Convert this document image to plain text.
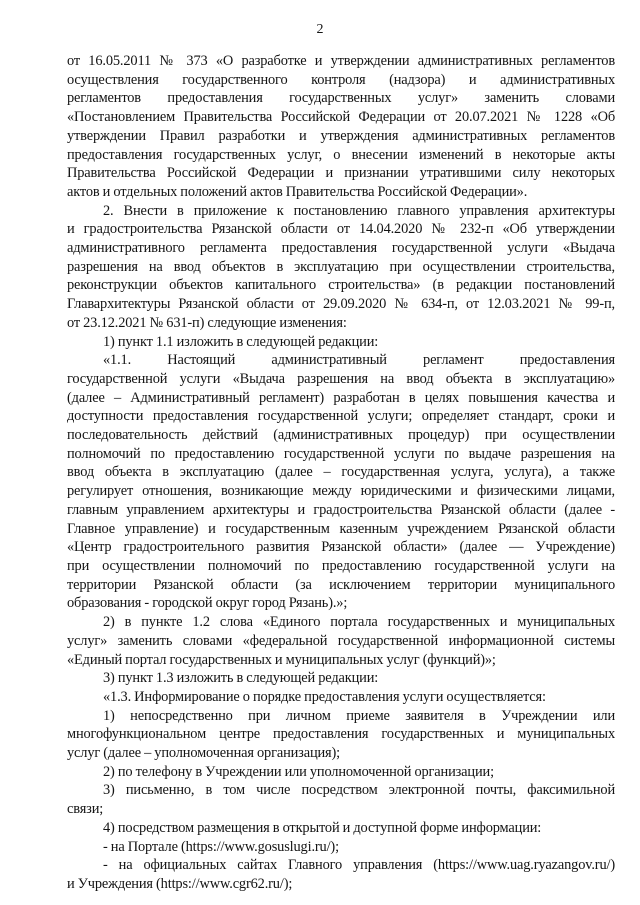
2

от 16.05.2011 № 373 «О разработке и утверждении административных регламентов
осуществления государственного контроля (надзора) и административных
регламентов предоставления государственных услуг» заменить словами
«Постановлением Правительства Российской Федерации от 20.07.2021 № 1228 «Об
утверждении Правил разработки и утверждения административных регламентов
предоставления государственных услуг, о внесении изменений в некоторые акты
Правительства Российской Федерации и признании утратившими силу некоторых
актов и отдельных положений актов Правительства Российской Федерации».

2. Внести в приложение к постановлению главного управления архитектуры
и градостроительства Рязанской области от 14.04.2020 № 232-п «Об утверждении
административного регламента предоставления государственной услуги «Выдача
разрешения на ввод объектов в эксплуатацию при осуществлении строительства,
реконструкции объектов капитального строительства» (в редакции постановлений
Главархитектуры Рязанской области от 29.09.2020 № 634-п, от 12.03.2021 № 99-п,
от 23.12.2021 № 631-п) следующие изменения:

1) пункт 1.1 изложить в следующей редакции:

«1.1. Настоящий административный регламент предоставления
государственной услуги «Выдача разрешения на ввод объекта в эксплуатацию»
(далее – Административный регламент) разработан в целях повышения качества и
доступности предоставления государственной услуги; определяет стандарт, сроки и
последовательность действий (административных процедур) при осуществлении
полномочий по предоставлению государственной услуги по выдаче разрешения на
ввод объекта в эксплуатацию (далее – государственная услуга, услуга), а также
регулирует отношения, возникающие между юридическими и физическими лицами,
главным управлением архитектуры и градостроительства Рязанской области (далее -
Главное управление) и государственным казенным учреждением Рязанской области
«Центр градостроительного развития Рязанской области» (далее — Учреждение)
при осуществлении полномочий по предоставлению государственной услуги на
территории Рязанской области (за исключением территории муниципального
образования - городской округ город Рязань).»;

2) в пункте 1.2 слова «Единого портала государственных и муниципальных
услуг» заменить словами «федеральной государственной информационной системы
«Единый портал государственных и муниципальных услуг (функций)»;

3) пункт 1.3 изложить в следующей редакции:

«1.3. Информирование о порядке предоставления услуги осуществляется:

1) непосредственно при личном приеме заявителя в Учреждении или
многофункциональном центре предоставления государственных и муниципальных
услуг (далее – уполномоченная организация);

2) по телефону в Учреждении или уполномоченной организации;

3) письменно, в том числе посредством электронной почты, факсимильной
связи;

4) посредством размещения в открытой и доступной форме информации:

- на Портале (https://www.gosuslugi.ru/);

- на официальных сайтах Главного управления (https://www.uag.ryazangov.ru/)
и Учреждения (https://www.cgr62.ru/);
